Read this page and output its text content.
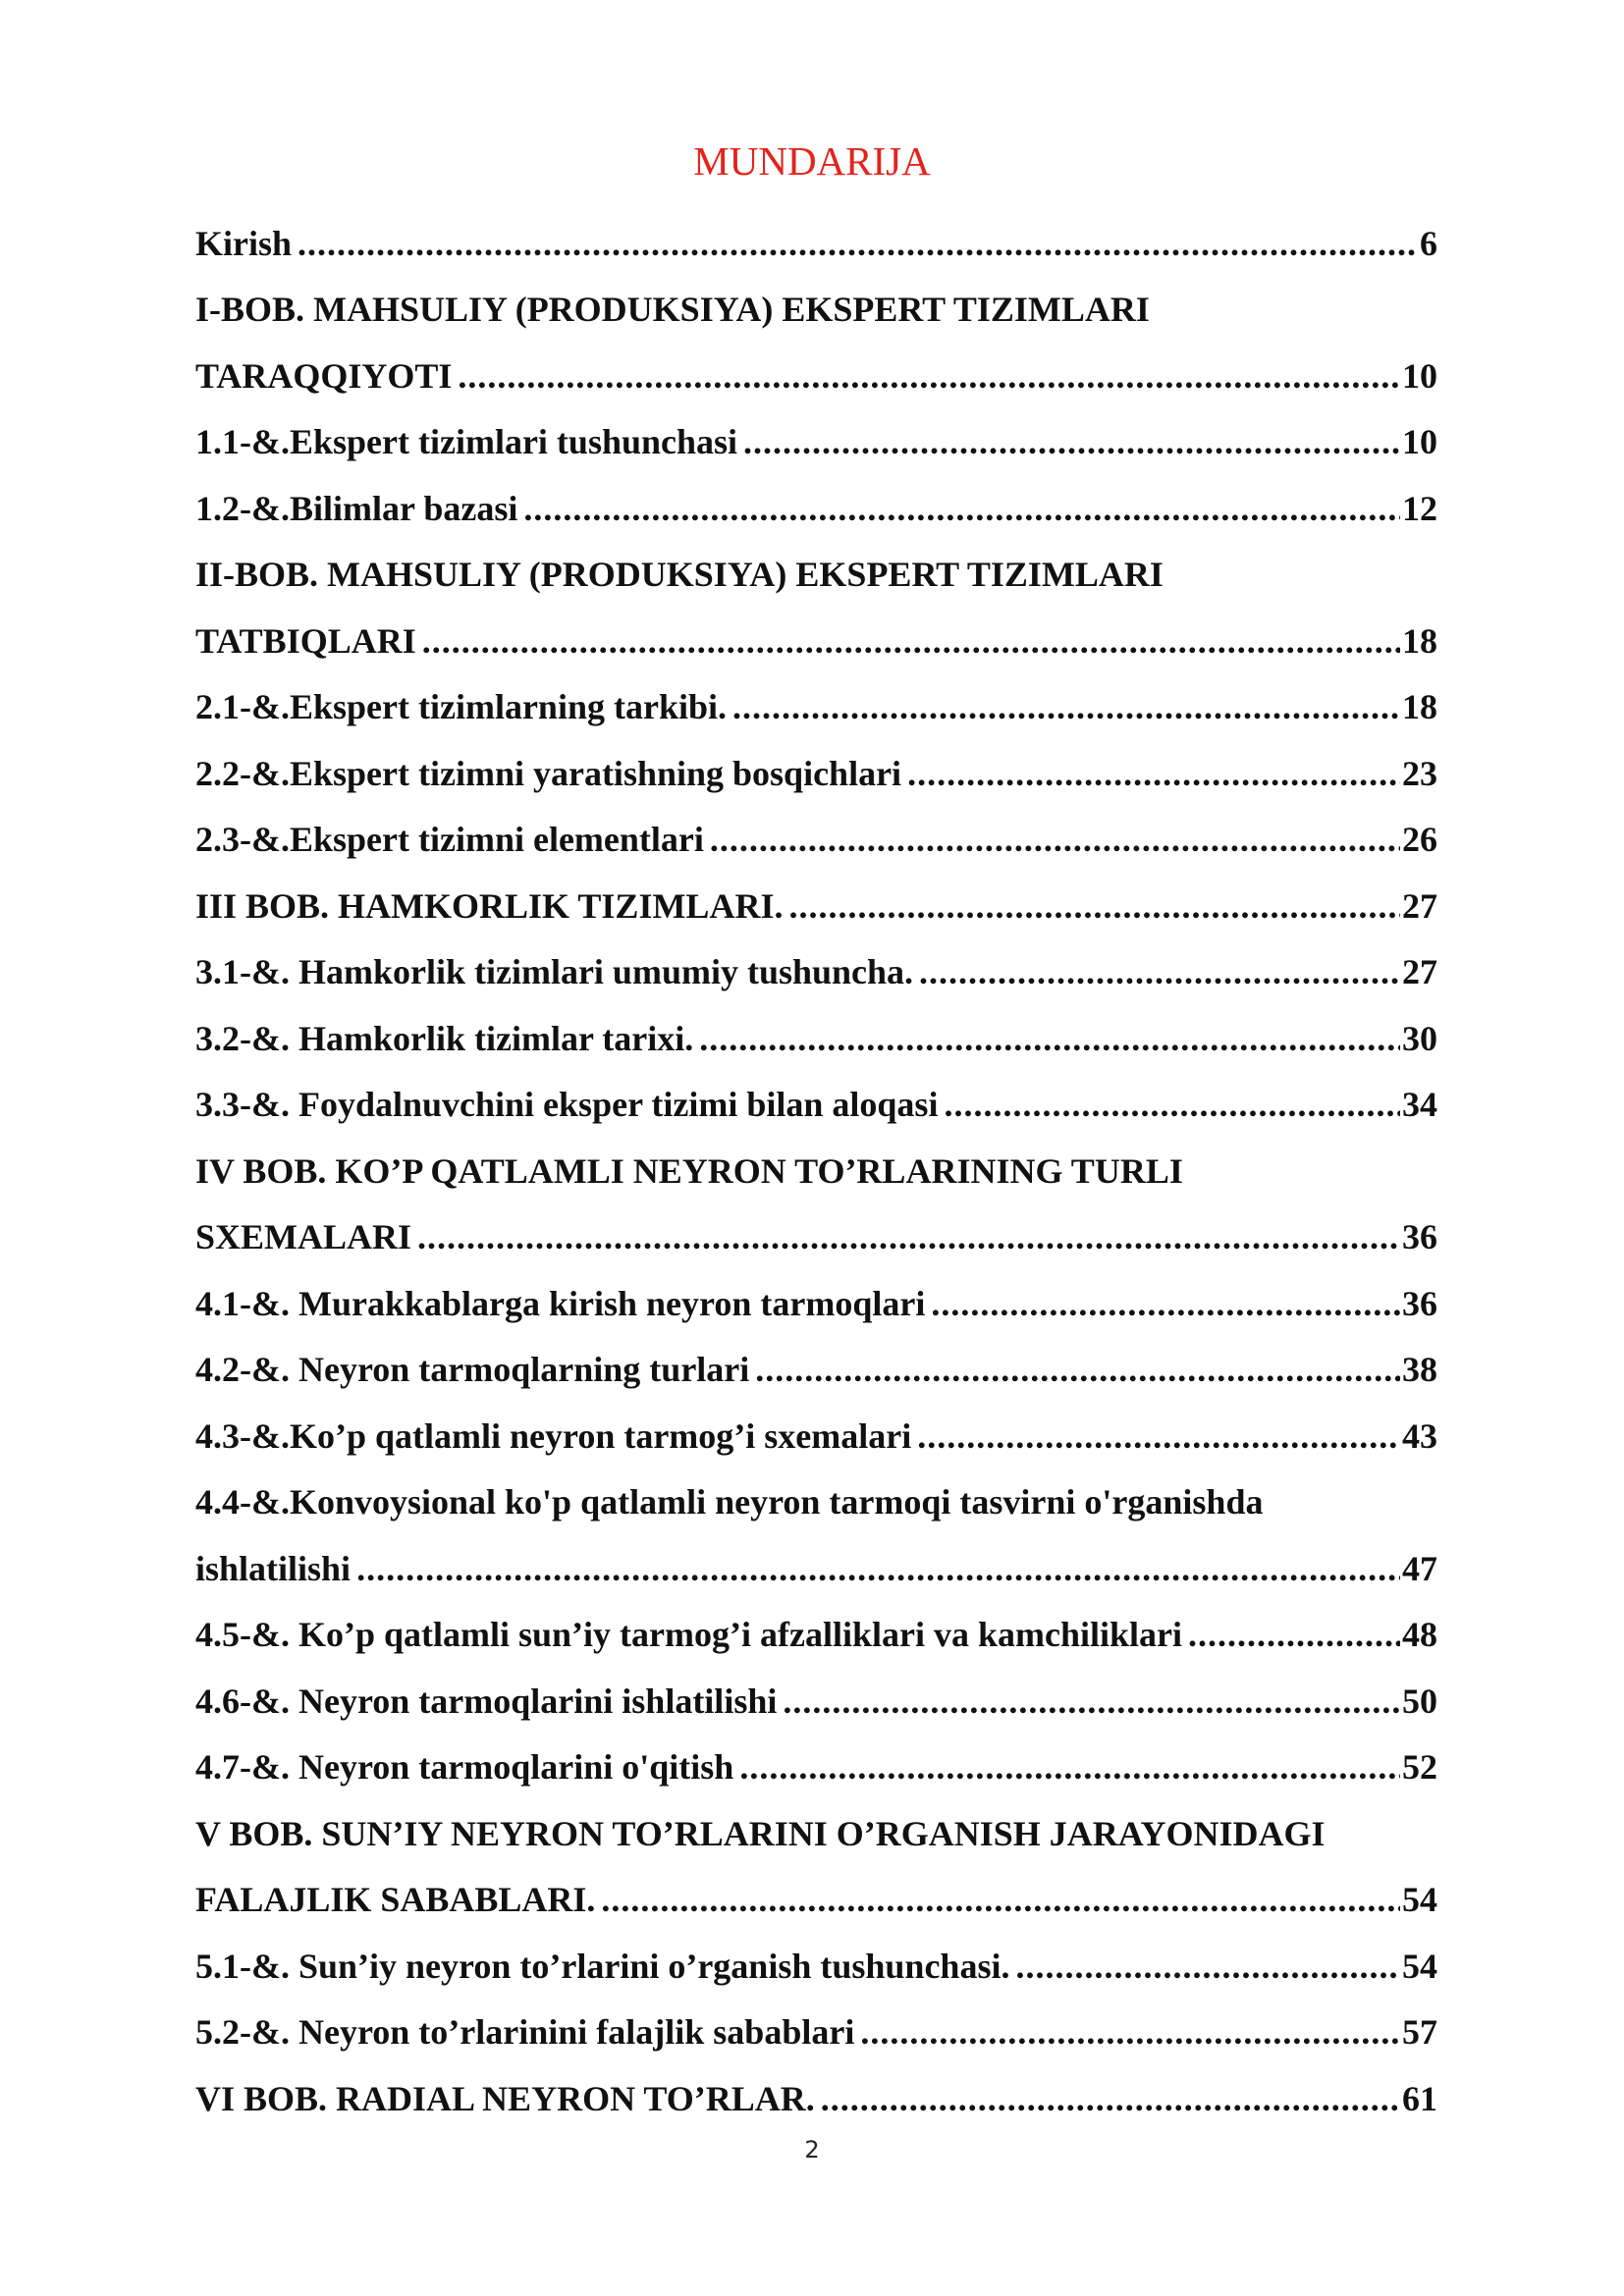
MUNDARIJA
Kirish .....	6
I-BOB. MAHSULIY (PRODUKSIYA) EKSPERT TIZIMLARI
TARAQQIYOTI .....	10
1.1-&.Ekspert tizimlari tushunchasi .....	10
1.2-&.Bilimlar bazasi .....	12
II-BOB. MAHSULIY (PRODUKSIYA) EKSPERT TIZIMLARI
TATBIQLARI .....	18
2.1-&.Ekspert tizimlarning tarkibi. .....	18
2.2-&.Ekspert tizimni yaratishning bosqichlari .....	23
2.3-&.Ekspert tizimni elementlari .....	26
III BOB. HAMKORLIK TIZIMLARI. .....	27
3.1-&. Hamkorlik tizimlari umumiy tushuncha. .....	27
3.2-&. Hamkorlik tizimlar tarixi. .....	30
3.3-&. Foydalnuvchini eksper tizimi bilan aloqasi .....	34
IV BOB. KO’P QATLAMLI NEYRON TO’RLARINING TURLI
SXEMALARI .....	36
4.1-&. Murakkablarga kirish neyron tarmoqlari .....	36
4.2-&. Neyron tarmoqlarning turlari .....	38
4.3-&.Ko’p qatlamli neyron tarmog’i sxemalari .....	43
4.4-&.Konvoysional ko'p qatlamli neyron tarmoqi tasvirni o'rganishda
ishlatilishi .....	47
4.5-&. Ko’p qatlamli sun’iy tarmog’i afzalliklari va kamchiliklari .....	48
4.6-&. Neyron tarmoqlarini ishlatilishi .....	50
4.7-&. Neyron tarmoqlarini o'qitish .....	52
V BOB. SUN’IY NEYRON TO’RLARINI O’RGANISH JARAYONIDAGI
FALAJLIK SABABLARI. .....	54
5.1-&. Sun’iy neyron to’rlarini o’rganish tushunchasi. .....	54
5.2-&. Neyron to’rlarinini falajlik sabablari .....	57
VI BOB. RADIAL NEYRON TO’RLAR. .....	61
2
